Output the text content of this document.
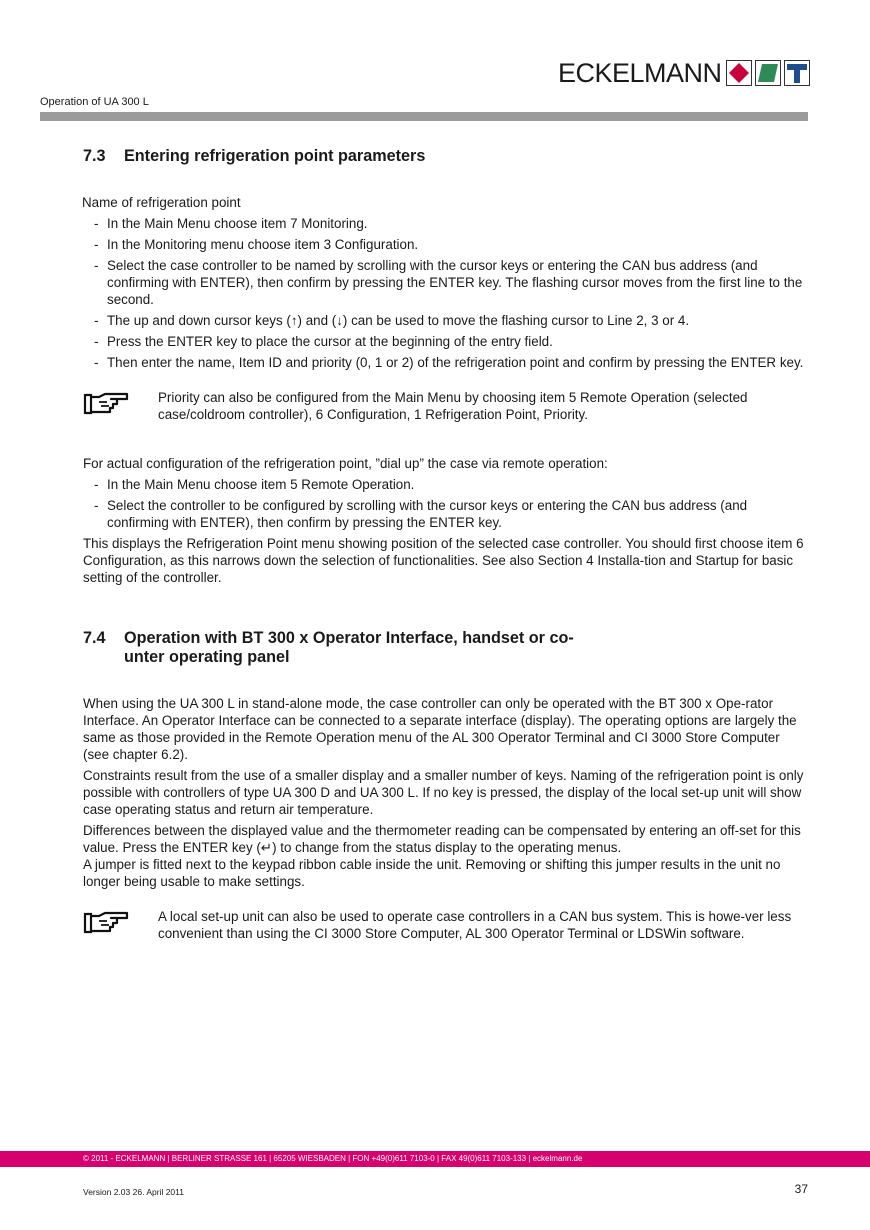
ECKELMANN
Operation of UA 300 L
7.3	Entering refrigeration point parameters

Name of refrigeration point

- In the Main Menu choose item 7 Monitoring.
- In the Monitoring menu choose item 3 Configuration.
- Select the case controller to be named by scrolling with the cursor keys or entering the CAN bus address (and confirming with ENTER), then confirm by pressing the ENTER key. The flashing cursor moves from the first line to the second.
- The up and down cursor keys (↑) and (↓) can be used to move the flashing cursor to Line 2, 3 or 4.
- Press the ENTER key to place the cursor at the beginning of the entry field.
- Then enter the name, Item ID and priority (0, 1 or 2) of the refrigeration point and confirm by pressing the ENTER key.

Priority can also be configured from the Main Menu by choosing item 5 Remote Operation (selected case/coldroom controller), 6 Configuration, 1 Refrigeration Point, Priority.

For actual configuration of the refrigeration point, ”dial up” the case via remote operation:

- In the Main Menu choose item 5 Remote Operation.
- Select the controller to be configured by scrolling with the cursor keys or entering the CAN bus address (and confirming with ENTER), then confirm by pressing the ENTER key.

This displays the Refrigeration Point menu showing position of the selected case controller. You should first choose item 6 Configuration, as this narrows down the selection of functionalities. See also Section 4 Installa-tion and Startup for basic setting of the controller.

7.4	Operation with BT 300 x Operator Interface, handset or co-unter operating panel

When using the UA 300 L in stand-alone mode, the case controller can only be operated with the BT 300 x Ope-rator Interface. An Operator Interface can be connected to a separate interface (display). The operating options are largely the same as those provided in the Remote Operation menu of the AL 300 Operator Terminal and CI 3000 Store Computer (see chapter 6.2).

Constraints result from the use of a smaller display and a smaller number of keys. Naming of the refrigeration point is only possible with controllers of type UA 300 D and UA 300 L. If no key is pressed, the display of the local set-up unit will show case operating status and return air temperature.

Differences between the displayed value and the thermometer reading can be compensated by entering an off-set for this value. Press the ENTER key (↵) to change from the status display to the operating menus.

A jumper is fitted next to the keypad ribbon cable inside the unit. Removing or shifting this jumper results in the unit no longer being usable to make settings.

A local set-up unit can also be used to operate case controllers in a CAN bus system. This is howe-ver less convenient than using the CI 3000 Store Computer, AL 300 Operator Terminal or LDSWin software.

© 2011 - ECKELMANN | BERLINER STRASSE 161 | 65205 WIESBADEN | FON +49(0)611 7103-0 | FAX 49(0)611 7103-133 | eckelmann.de
Version 2.03 26. April 2011	37
